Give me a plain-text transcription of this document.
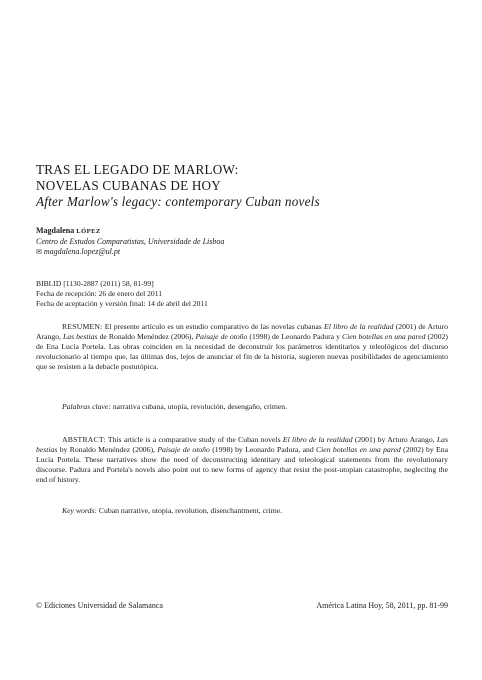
TRAS EL LEGADO DE MARLOW:
NOVELAS CUBANAS DE HOY
After Marlow's legacy: contemporary Cuban novels
Magdalena LÓPEZ
Centro de Estudos Comparatistas, Universidade de Lisboa
✉ magdalena.lopez@ul.pt
BIBLID [1130-2887 (2011) 58, 81-99]
Fecha de recepción: 26 de enero del 2011
Fecha de aceptación y versión final: 14 de abril del 2011

RESUMEN: El presente artículo es un estudio comparativo de las novelas cubanas El libro de la realidad (2001) de Arturo Arango, Las bestias de Ronaldo Menéndez (2006), Paisaje de otoño (1998) de Leonardo Padura y Cien botellas en una pared (2002) de Ena Lucía Portela. Las obras coinciden en la necesidad de deconstruir los parámetros identitarios y teleológicos del discurso revolucionario al tiempo que, las últimas dos, lejos de anunciar el fin de la historia, sugieren nuevas posibilidades de agenciamiento que se resisten a la debacle postutópica.

Palabras clave: narrativa cubana, utopía, revolución, desengaño, crimen.

ABSTRACT: This article is a comparative study of the Cuban novels El libro de la realidad (2001) by Arturo Arango, Las bestias by Ronaldo Menéndez (2006), Paisaje de otoño (1998) by Leonardo Padura, and Cien botellas en una pared (2002) by Ena Lucía Portela. These narratives show the need of deconstructing identitary and teleological statements from the revolutionary discourse. Padura and Portela's novels also point out to new forms of agency that resist the post-utopian catastrophe, neglecting the end of history.

Key words: Cuban narrative, utopia, revolution, disenchantment, crime.
© Ediciones Universidad de Salamanca	América Latina Hoy, 58, 2011, pp. 81-99
